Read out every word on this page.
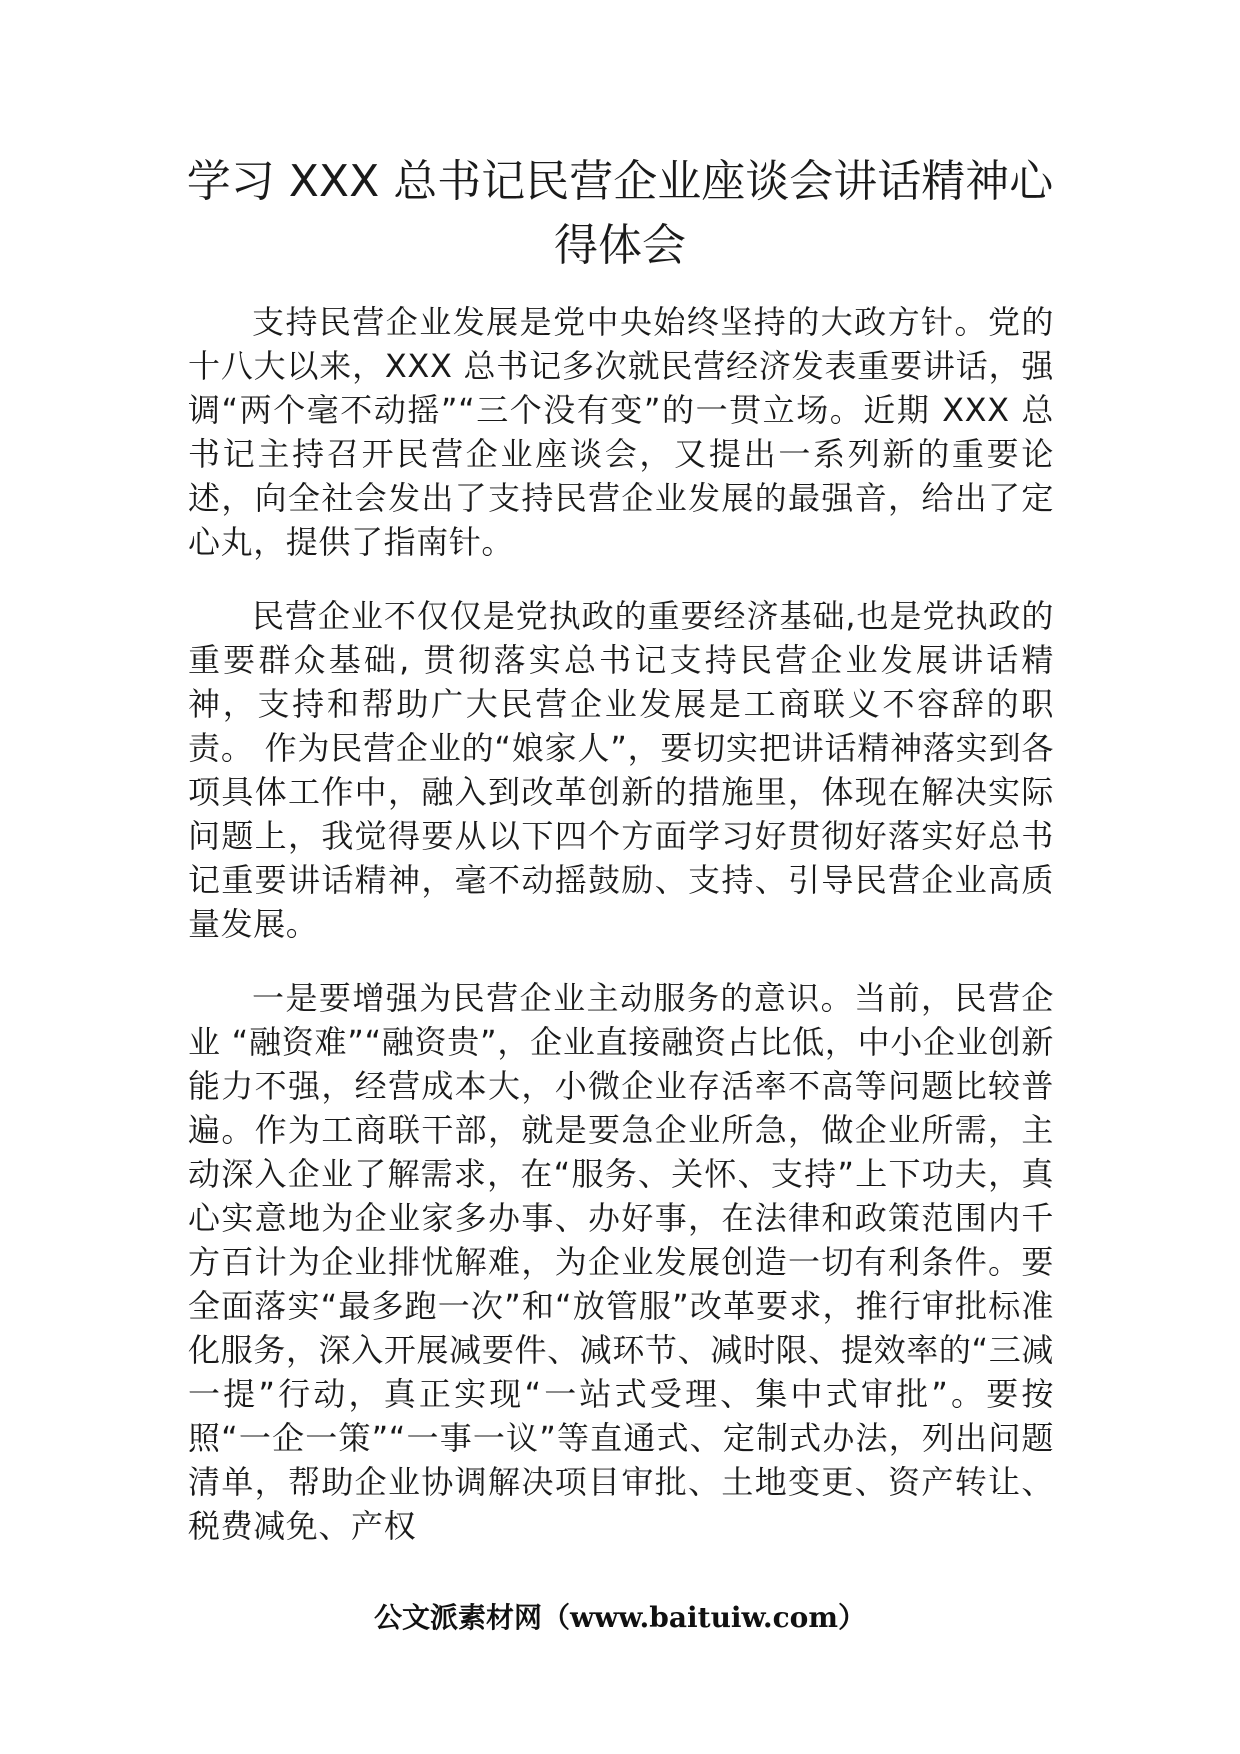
学习 XXX 总书记民营企业座谈会讲话精神心得体会

支持民营企业发展是党中央始终坚持的大政方针。党的十八大以来，XXX 总书记多次就民营经济发表重要讲话，强调“两个毫不动摇”“三个没有变”的一贯立场。近期 XXX 总书记主持召开民营企业座谈会，又提出一系列新的重要论述，向全社会发出了支持民营企业发展的最强音，给出了定心丸，提供了指南针。

民营企业不仅仅是党执政的重要经济基础,也是党执政的重要群众基础, 贯彻落实总书记支持民营企业发展讲话精神，支持和帮助广大民营企业发展是工商联义不容辞的职责。 作为民营企业的“娘家人”，要切实把讲话精神落实到各项具体工作中，融入到改革创新的措施里，体现在解决实际问题上，我觉得要从以下四个方面学习好贯彻好落实好总书记重要讲话精神，毫不动摇鼓励、支持、引导民营企业高质量发展。

一是要增强为民营企业主动服务的意识。当前，民营企业 “融资难”“融资贵”，企业直接融资占比低，中小企业创新能力不强，经营成本大，小微企业存活率不高等问题比较普遍。作为工商联干部，就是要急企业所急，做企业所需，主动深入企业了解需求，在“服务、关怀、支持”上下功夫，真心实意地为企业家多办事、办好事，在法律和政策范围内千方百计为企业排忧解难，为企业发展创造一切有利条件。要全面落实“最多跑一次”和“放管服”改革要求，推行审批标准化服务，深入开展减要件、减环节、减时限、提效率的“三减一提”行动，真正实现“一站式受理、集中式审批”。要按照“一企一策”“一事一议”等直通式、定制式办法，列出问题清单，帮助企业协调解决项目审批、土地变更、资产转让、税费减免、产权

公文派素材网（www.baituiw.com）
